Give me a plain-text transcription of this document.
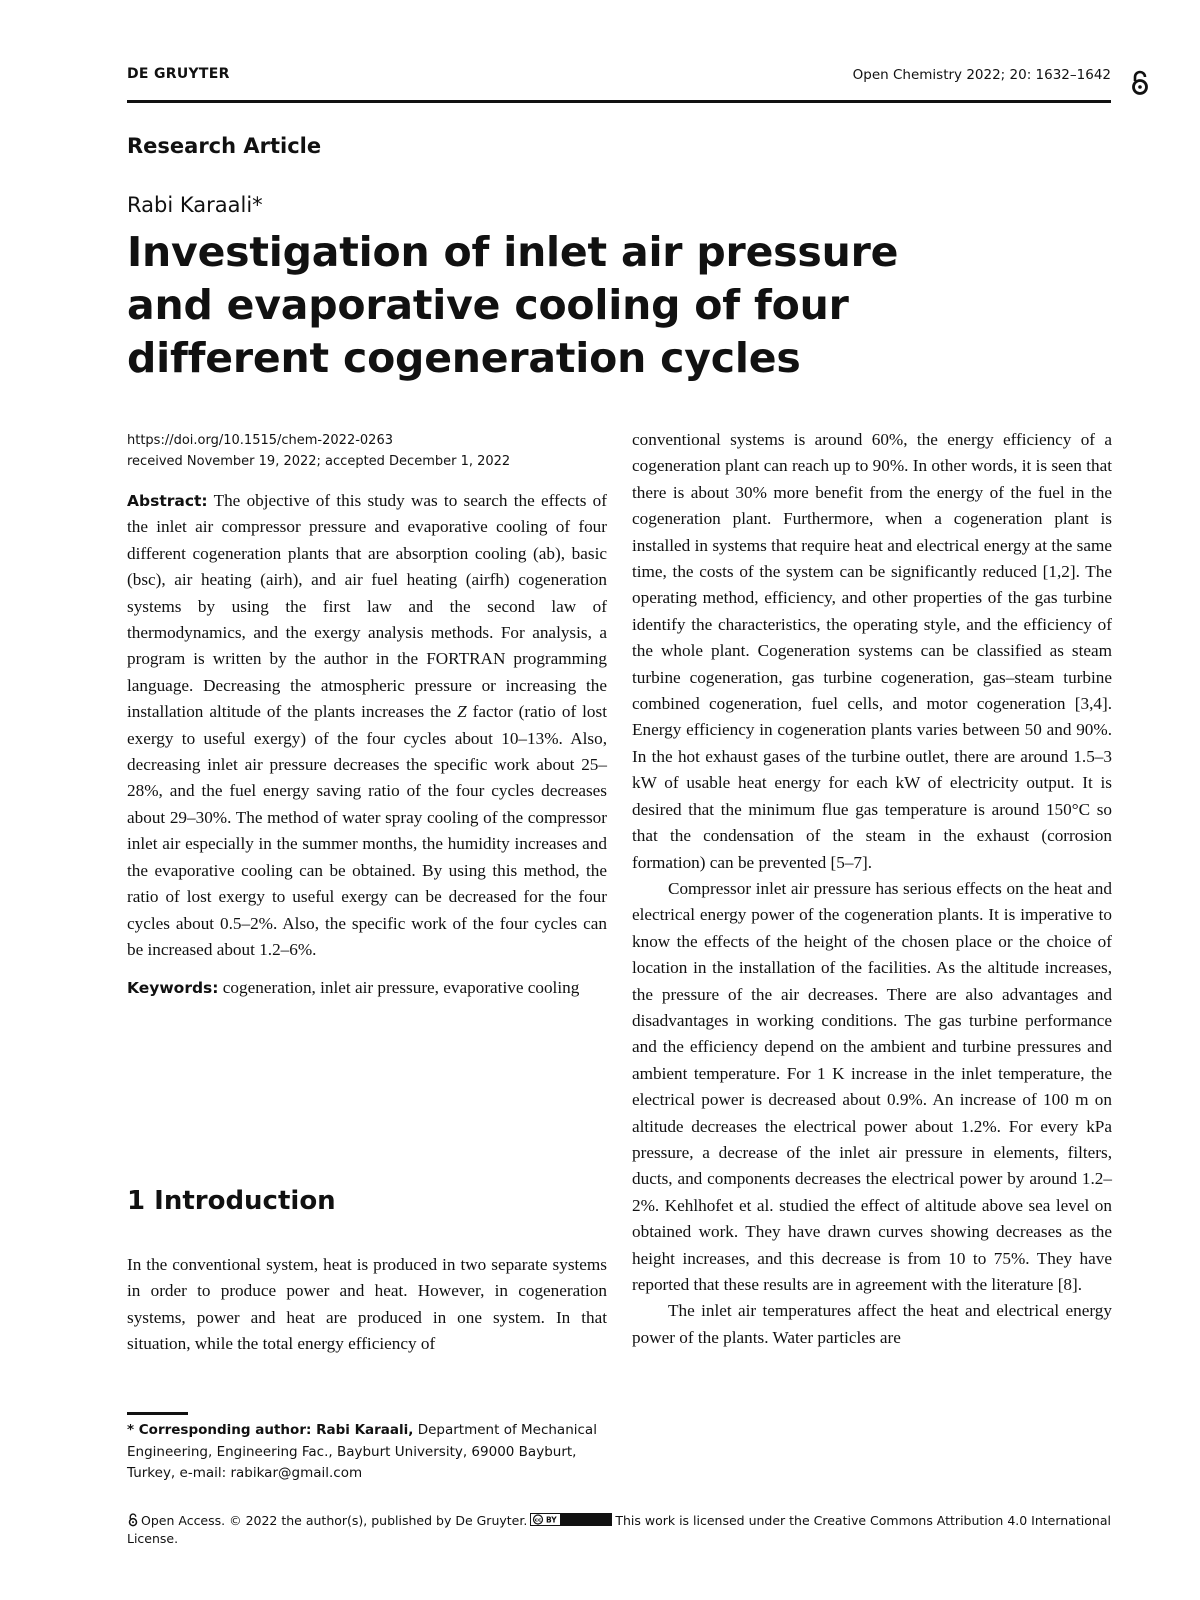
DE GRUYTER	Open Chemistry 2022; 20: 1632–1642
Research Article
Rabi Karaali*
Investigation of inlet air pressure and evaporative cooling of four different cogeneration cycles
https://doi.org/10.1515/chem-2022-0263
received November 19, 2022; accepted December 1, 2022

Abstract: The objective of this study was to search the effects of the inlet air compressor pressure and evaporative cooling of four different cogeneration plants that are absorption cooling (ab), basic (bsc), air heating (airh), and air fuel heating (airfh) cogeneration systems by using the first law and the second law of thermodynamics, and the exergy analysis methods. For analysis, a program is written by the author in the FORTRAN programming language. Decreasing the atmospheric pressure or increasing the installation altitude of the plants increases the Z factor (ratio of lost exergy to useful exergy) of the four cycles about 10–13%. Also, decreasing inlet air pressure decreases the specific work about 25–28%, and the fuel energy saving ratio of the four cycles decreases about 29–30%. The method of water spray cooling of the compressor inlet air especially in the summer months, the humidity increases and the evaporative cooling can be obtained. By using this method, the ratio of lost exergy to useful exergy can be decreased for the four cycles about 0.5–2%. Also, the specific work of the four cycles can be increased about 1.2–6%.

Keywords: cogeneration, inlet air pressure, evaporative cooling

1 Introduction

In the conventional system, heat is produced in two separate systems in order to produce power and heat. However, in cogeneration systems, power and heat are produced in one system. In that situation, while the total energy efficiency of

conventional systems is around 60%, the energy efficiency of a cogeneration plant can reach up to 90%. In other words, it is seen that there is about 30% more benefit from the energy of the fuel in the cogeneration plant. Furthermore, when a cogeneration plant is installed in systems that require heat and electrical energy at the same time, the costs of the system can be significantly reduced [1,2]. The operating method, efficiency, and other properties of the gas turbine identify the characteristics, the operating style, and the efficiency of the whole plant. Cogeneration systems can be classified as steam turbine cogeneration, gas turbine cogeneration, gas–steam turbine combined cogeneration, fuel cells, and motor cogeneration [3,4]. Energy efficiency in cogeneration plants varies between 50 and 90%. In the hot exhaust gases of the turbine outlet, there are around 1.5–3 kW of usable heat energy for each kW of electricity output. It is desired that the minimum flue gas temperature is around 150°C so that the condensation of the steam in the exhaust (corrosion formation) can be prevented [5–7].

Compressor inlet air pressure has serious effects on the heat and electrical energy power of the cogeneration plants. It is imperative to know the effects of the height of the chosen place or the choice of location in the installation of the facilities. As the altitude increases, the pressure of the air decreases. There are also advantages and disadvantages in working conditions. The gas turbine performance and the efficiency depend on the ambient and turbine pressures and ambient temperature. For 1 K increase in the inlet temperature, the electrical power is decreased about 0.9%. An increase of 100 m on altitude decreases the electrical power about 1.2%. For every kPa pressure, a decrease of the inlet air pressure in elements, filters, ducts, and components decreases the electrical power by around 1.2–2%. Kehlhofet et al. studied the effect of altitude above sea level on obtained work. They have drawn curves showing decreases as the height increases, and this decrease is from 10 to 75%. They have reported that these results are in agreement with the literature [8].

The inlet air temperatures affect the heat and electrical energy power of the plants. Water particles are

* Corresponding author: Rabi Karaali, Department of Mechanical Engineering, Engineering Fac., Bayburt University, 69000 Bayburt, Turkey, e-mail: rabikar@gmail.com
Open Access. © 2022 the author(s), published by De Gruyter. cc BY	This work is licensed under the Creative Commons Attribution 4.0 International License.
